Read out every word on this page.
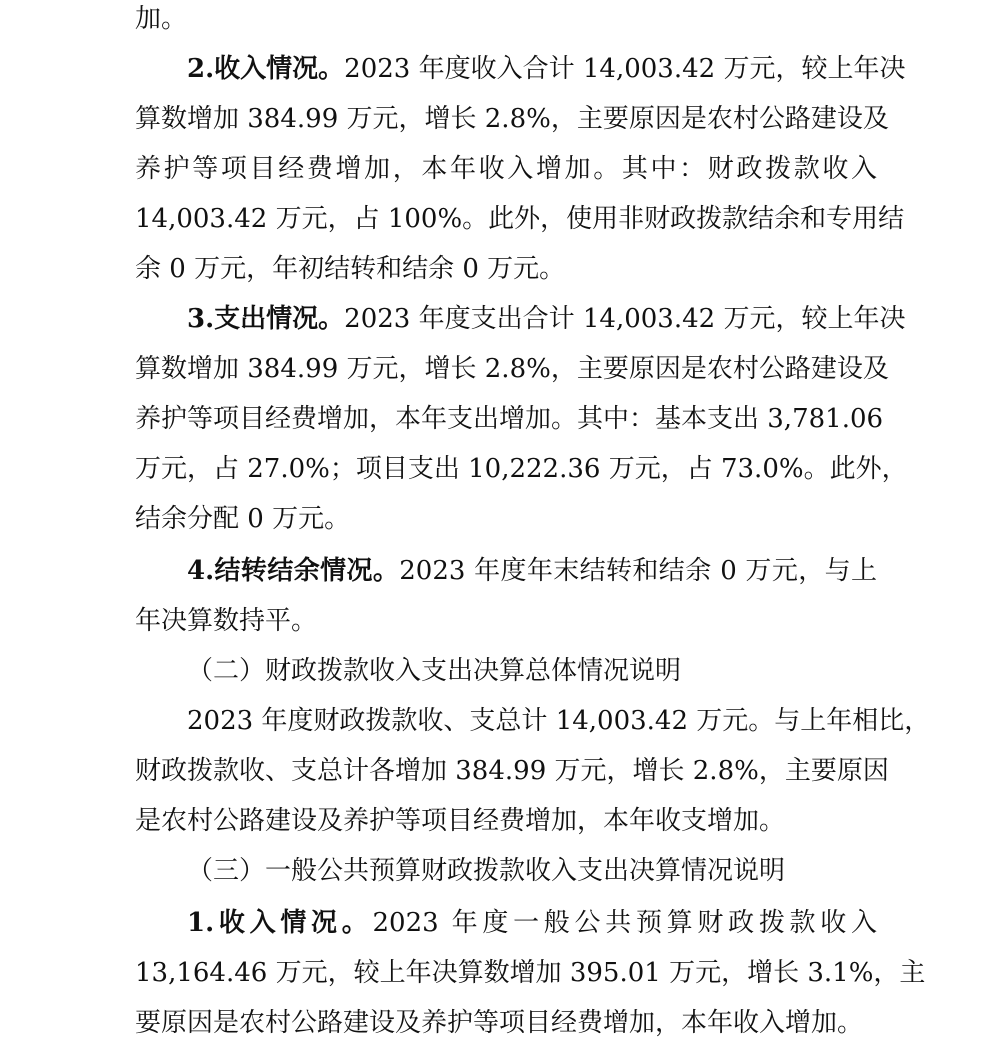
加。
2.收入情况。2023 年度收入合计 14,003.42 万元，较上年决
算数增加 384.99 万元，增长 2.8%，主要原因是农村公路建设及
养护等项目经费增加，本年收入增加。其中：财政拨款收入
14,003.42 万元，占 100%。此外，使用非财政拨款结余和专用结
余 0 万元，年初结转和结余 0 万元。
3.支出情况。2023 年度支出合计 14,003.42 万元，较上年决
算数增加 384.99 万元，增长 2.8%，主要原因是农村公路建设及
养护等项目经费增加，本年支出增加。其中：基本支出 3,781.06
万元，占 27.0%；项目支出 10,222.36 万元，占 73.0%。此外，
结余分配 0 万元。
4.结转结余情况。2023 年度年末结转和结余 0 万元，与上
年决算数持平。
（二）财政拨款收入支出决算总体情况说明
2023 年度财政拨款收、支总计 14,003.42 万元。与上年相比，
财政拨款收、支总计各增加 384.99 万元，增长 2.8%，主要原因
是农村公路建设及养护等项目经费增加，本年收支增加。
（三）一般公共预算财政拨款收入支出决算情况说明
1.收入情况。2023 年度一般公共预算财政拨款收入
13,164.46 万元，较上年决算数增加 395.01 万元，增长 3.1%，主
要原因是农村公路建设及养护等项目经费增加，本年收入增加。
